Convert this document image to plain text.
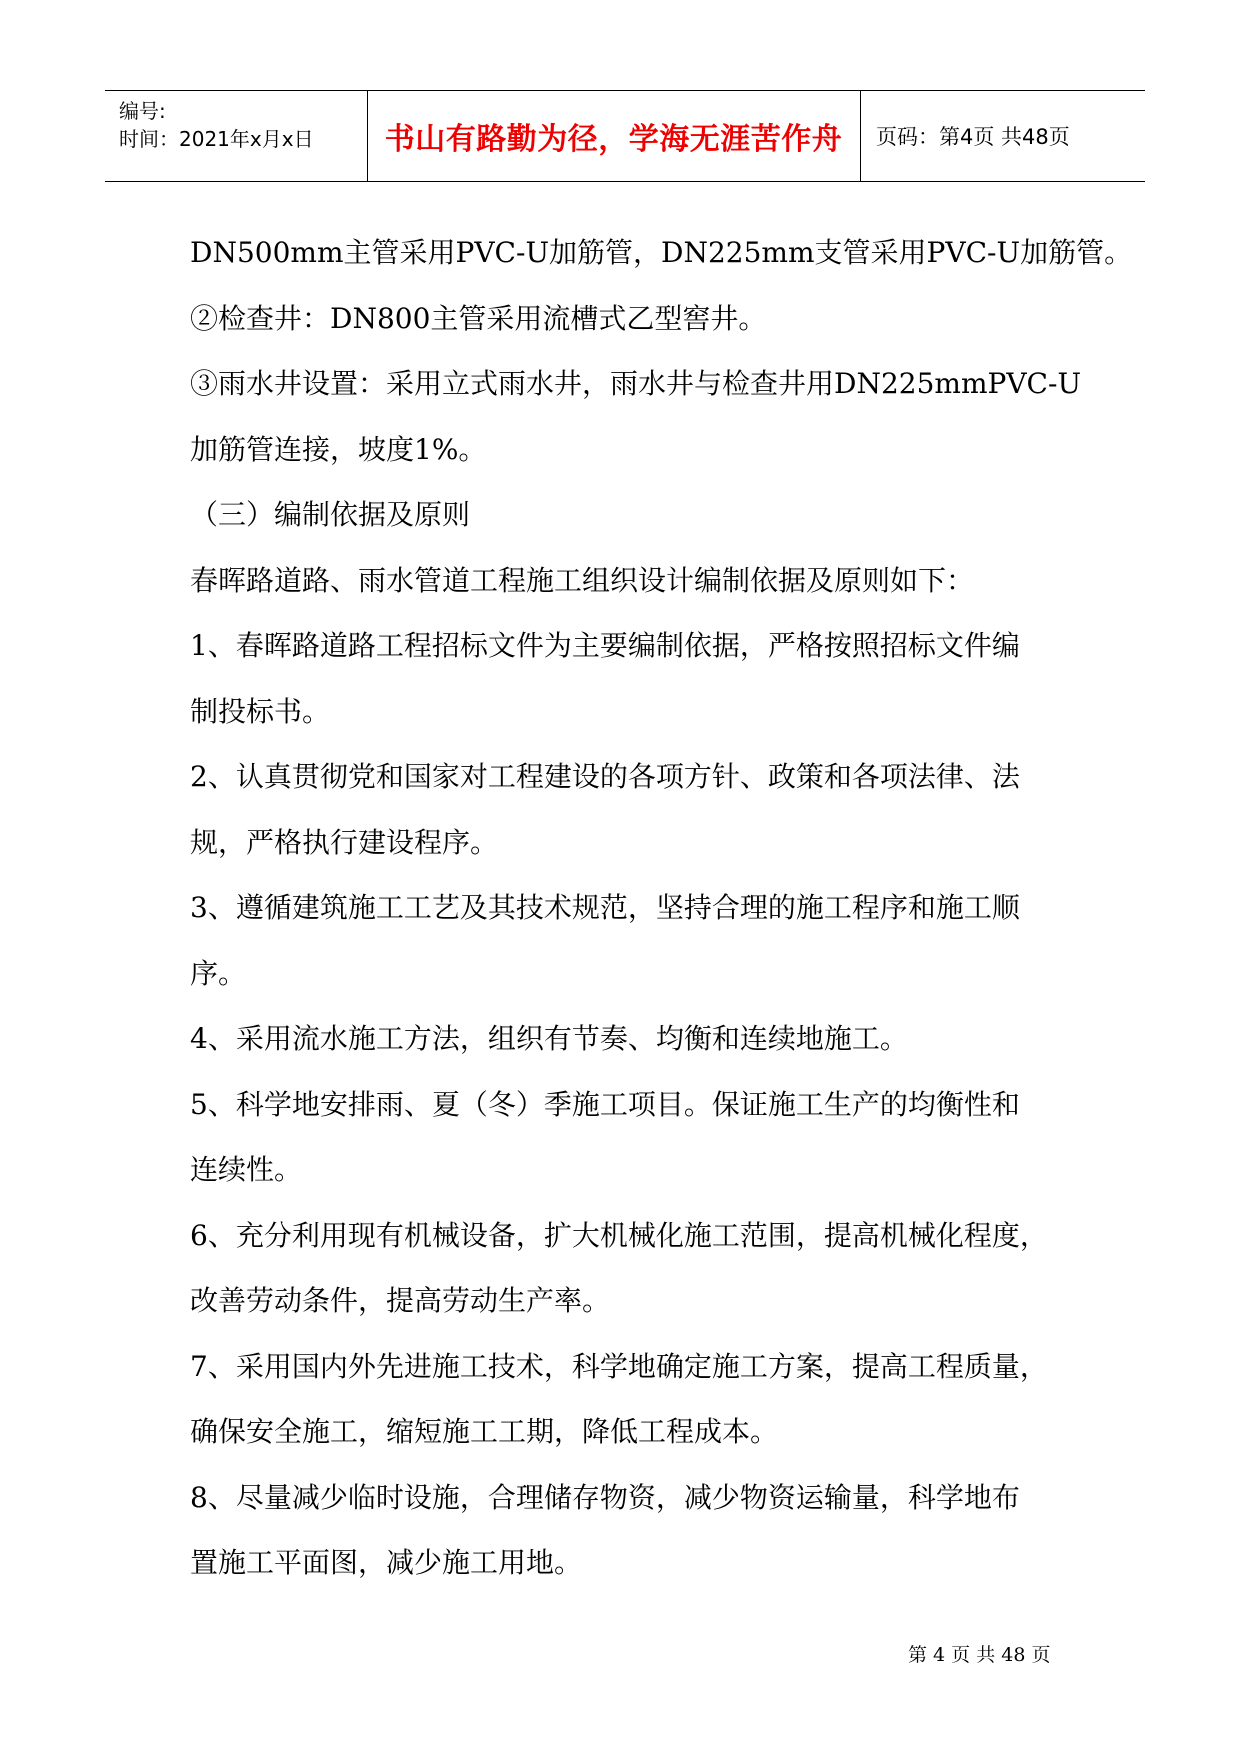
编号:
时间：2021年x月x日	书山有路勤为径，学海无涯苦作舟	页码：第4页 共48页

DN500mm主管采用PVC-U加筋管，DN225mm支管采用PVC-U加筋管。

②检查井：DN800主管采用流槽式乙型窖井。

③雨水井设置：采用立式雨水井，雨水井与检查井用DN225mmPVC-U

加筋管连接，坡度1%。

（三）编制依据及原则

春晖路道路、雨水管道工程施工组织设计编制依据及原则如下：

1、春晖路道路工程招标文件为主要编制依据，严格按照招标文件编

制投标书。

2、认真贯彻党和国家对工程建设的各项方针、政策和各项法律、法

规，严格执行建设程序。

3、遵循建筑施工工艺及其技术规范，坚持合理的施工程序和施工顺

序。

4、采用流水施工方法，组织有节奏、均衡和连续地施工。

5、科学地安排雨、夏（冬）季施工项目。保证施工生产的均衡性和

连续性。

6、充分利用现有机械设备，扩大机械化施工范围，提高机械化程度，

改善劳动条件，提高劳动生产率。

7、采用国内外先进施工技术，科学地确定施工方案，提高工程质量，

确保安全施工，缩短施工工期，降低工程成本。

8、尽量减少临时设施，合理储存物资，减少物资运输量，科学地布

置施工平面图，减少施工用地。

第 4 页 共 48 页
